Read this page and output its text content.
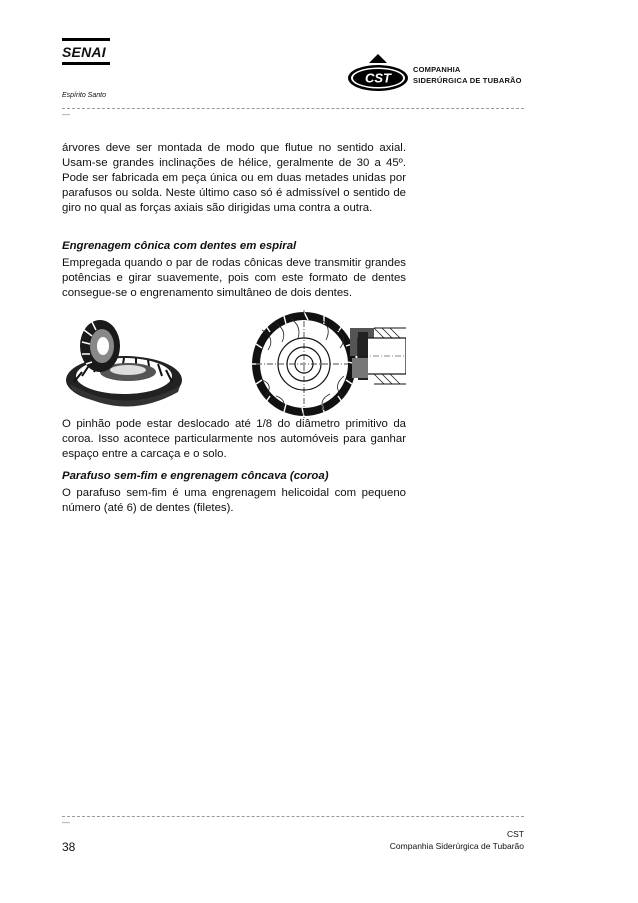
SENAI
Espírito Santo
CST
COMPANHIA
SIDERÚRGICA DE TUBARÃO
—
árvores deve ser montada de modo que flutue no sentido axial. Usam-se grandes inclinações de hélice, geralmente de 30 a 45º. Pode ser fabricada em peça única ou em duas metades unidas por parafusos ou solda. Neste último caso só é admissível o sentido de giro no qual as forças axiais são dirigidas uma contra a outra.
Engrenagem cônica com dentes em espiral
Empregada quando o par de rodas cônicas deve transmitir grandes potências e girar suavemente, pois com este formato de dentes consegue-se o engrenamento simultâneo de dois dentes.
O pinhão pode estar deslocado até 1/8 do diâmetro primitivo da coroa. Isso acontece particularmente nos automóveis para ganhar espaço entre a carcaça e o solo.
Parafuso sem-fim e engrenagem côncava (coroa)
O parafuso sem-fim é uma engrenagem helicoidal com pequeno número (até 6) de dentes (filetes).
—
38
CST
Companhia Siderúrgica de Tubarão
